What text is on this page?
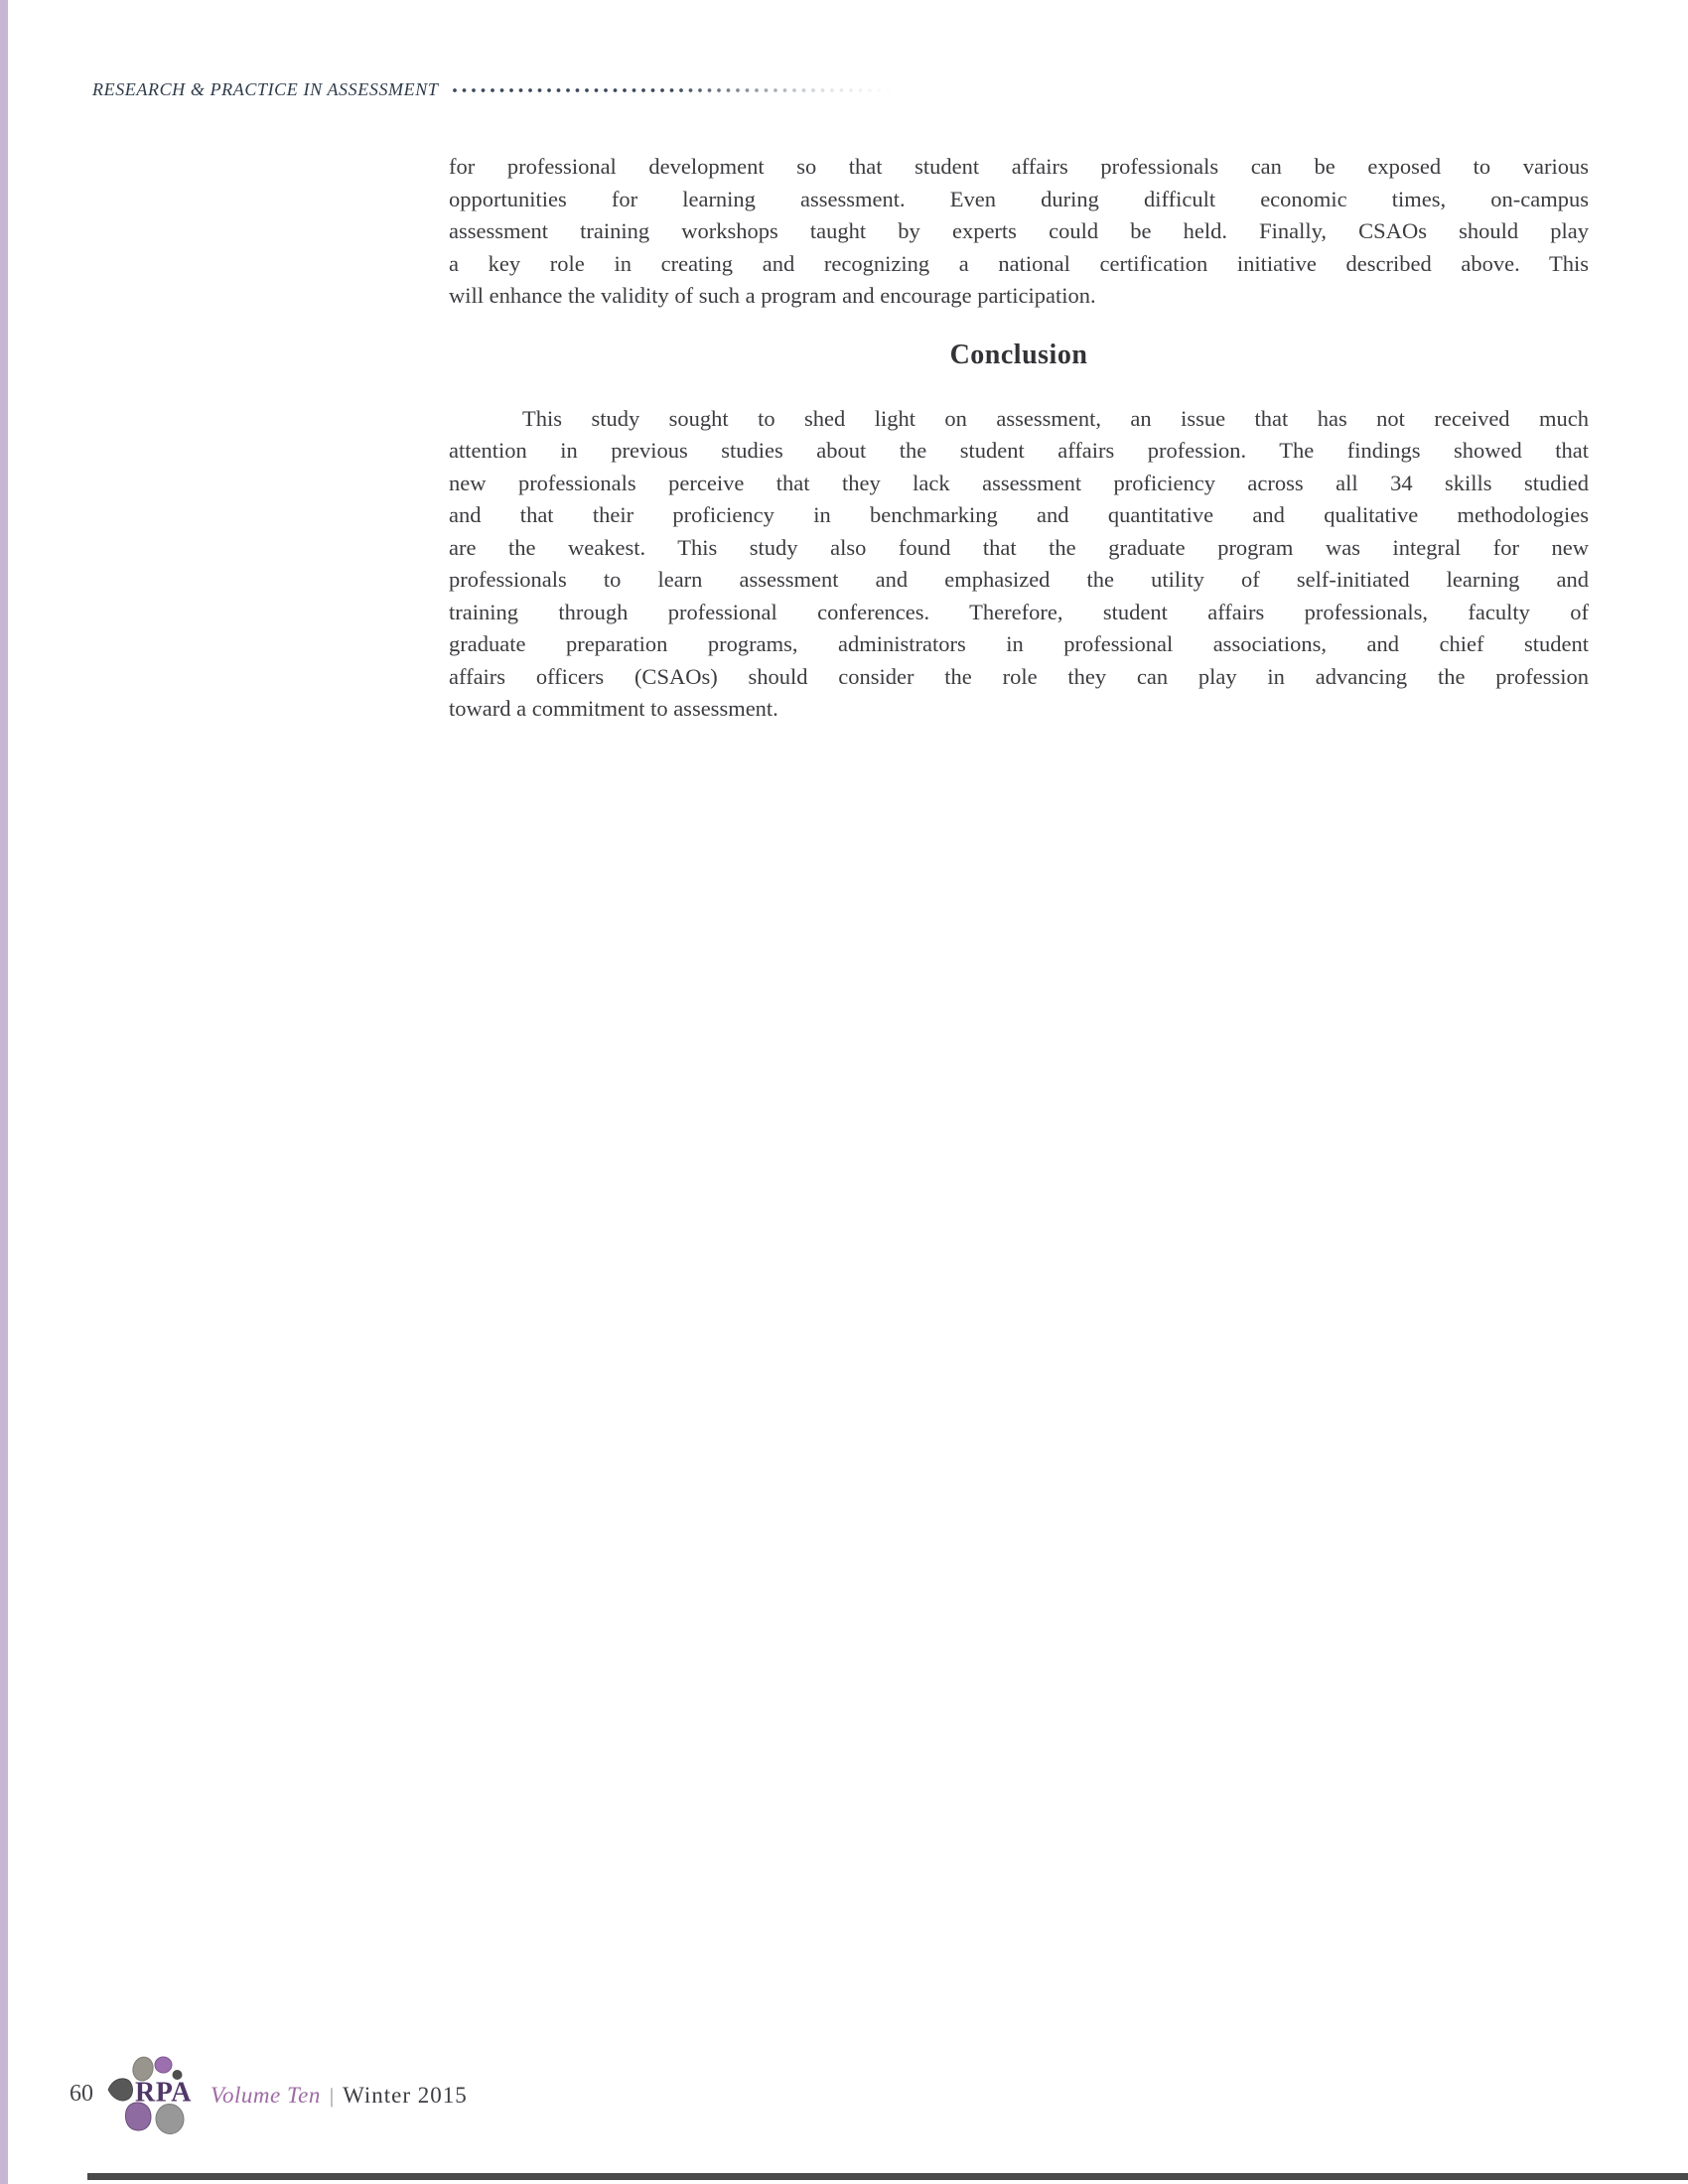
RESEARCH & PRACTICE IN ASSESSMENT
for professional development so that student affairs professionals can be exposed to various
opportunities for learning assessment. Even during difficult economic times, on-campus
assessment training workshops taught by experts could be held. Finally, CSAOs should play
a key role in creating and recognizing a national certification initiative described above. This
will enhance the validity of such a program and encourage participation.
Conclusion
This study sought to shed light on assessment, an issue that has not received much
attention in previous studies about the student affairs profession. The findings showed that
new professionals perceive that they lack assessment proficiency across all 34 skills studied
and that their proficiency in benchmarking and quantitative and qualitative methodologies
are the weakest. This study also found that the graduate program was integral for new
professionals to learn assessment and emphasized the utility of self-initiated learning and
training through professional conferences. Therefore, student affairs professionals, faculty of
graduate preparation programs, administrators in professional associations, and chief student
affairs officers (CSAOs) should consider the role they can play in advancing the profession
toward a commitment to assessment.
60 RPA Volume Ten | Winter 2015
